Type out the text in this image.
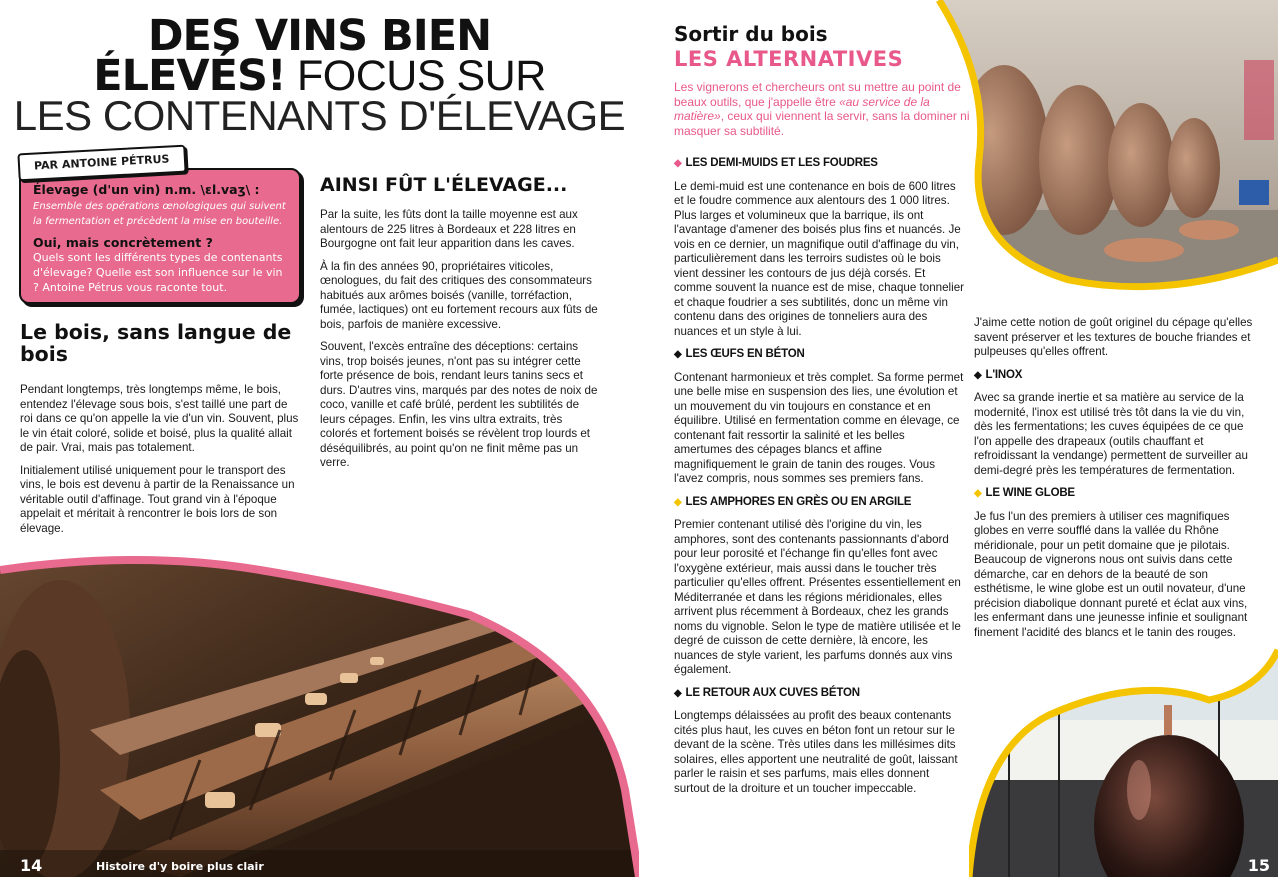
DES VINS BIEN
ÉLEVÉS! FOCUS SUR
LES CONTENANTS D'ÉLEVAGE
PAR ANTOINE PÉTRUS

Élevage (d'un vin) n.m. \ɛl.vaʒ\ :

Ensemble des opérations œnologiques qui suivent la fermentation et précèdent la mise en bouteille.

Oui, mais concrètement ?

Quels sont les différents types de contenants d'élevage? Quelle est son influence sur le vin ? Antoine Pétrus vous raconte tout.

Le bois, sans langue de bois

Pendant longtemps, très longtemps même, le bois, entendez l'élevage sous bois, s'est taillé une part de roi dans ce qu'on appelle la vie d'un vin. Souvent, plus le vin était coloré, solide et boisé, plus la qualité allait de pair. Vrai, mais pas totalement.

Initialement utilisé uniquement pour le transport des vins, le bois est devenu à partir de la Renaissance un véritable outil d'affinage. Tout grand vin à l'époque appelait et méritait à rencontrer le bois lors de son élevage.

AINSI FÛT L'ÉLEVAGE...

Par la suite, les fûts dont la taille moyenne est aux alentours de 225 litres à Bordeaux et 228 litres en Bourgogne ont fait leur apparition dans les caves.

À la fin des années 90, propriétaires viticoles, œnologues, du fait des critiques des consommateurs habitués aux arômes boisés (vanille, torréfaction, fumée, lactiques) ont eu fortement recours aux fûts de bois, parfois de manière excessive.

Souvent, l'excès entraîne des déceptions: certains vins, trop boisés jeunes, n'ont pas su intégrer cette forte présence de bois, rendant leurs tanins secs et durs. D'autres vins, marqués par des notes de noix de coco, vanille et café brûlé, perdent les subtilités de leurs cépages. Enfin, les vins ultra extraits, très colorés et fortement boisés se révèlent trop lourds et déséquilibrés, au point qu'on ne finit même pas un verre.

14	Histoire d'y boire plus clair
Sortir du bois
LES ALTERNATIVES
Les vignerons et chercheurs ont su mettre au point de beaux outils, que j'appelle être «au service de la matière», ceux qui viennent la servir, sans la dominer ni masquer sa subtilité.

◆ LES DEMI-MUIDS ET LES FOUDRES

Le demi-muid est une contenance en bois de 600 litres et le foudre commence aux alentours des 1 000 litres. Plus larges et volumineux que la barrique, ils ont l'avantage d'amener des boisés plus fins et nuancés. Je vois en ce dernier, un magnifique outil d'affinage du vin, particulièrement dans les terroirs sudistes où le bois vient dessiner les contours de jus déjà corsés. Et comme souvent la nuance est de mise, chaque tonnelier et chaque foudrier a ses subtilités, donc un même vin contenu dans des origines de tonneliers aura des nuances et un style à lui.

◆ LES ŒUFS EN BÉTON

Contenant harmonieux et très complet. Sa forme permet une belle mise en suspension des lies, une évolution et un mouvement du vin toujours en constance et en équilibre. Utilisé en fermentation comme en élevage, ce contenant fait ressortir la salinité et les belles amertumes des cépages blancs et affine magnifiquement le grain de tanin des rouges. Vous l'avez compris, nous sommes ses premiers fans.

◆ LES AMPHORES EN GRÈS OU EN ARGILE

Premier contenant utilisé dès l'origine du vin, les amphores, sont des contenants passionnants d'abord pour leur porosité et l'échange fin qu'elles font avec l'oxygène extérieur, mais aussi dans le toucher très particulier qu'elles offrent. Présentes essentiellement en Méditerranée et dans les régions méridionales, elles arrivent plus récemment à Bordeaux, chez les grands noms du vignoble. Selon le type de matière utilisée et le degré de cuisson de cette dernière, là encore, les nuances de style varient, les parfums donnés aux vins également.

◆ LE RETOUR AUX CUVES BÉTON

Longtemps délaissées au profit des beaux contenants cités plus haut, les cuves en béton font un retour sur le devant de la scène. Très utiles dans les millésimes dits solaires, elles apportent une neutralité de goût, laissant parler le raisin et ses parfums, mais elles donnent surtout de la droiture et un toucher impeccable.

J'aime cette notion de goût originel du cépage qu'elles savent préserver et les textures de bouche friandes et pulpeuses qu'elles offrent.

◆ L'INOX

Avec sa grande inertie et sa matière au service de la modernité, l'inox est utilisé très tôt dans la vie du vin, dès les fermentations; les cuves équipées de ce que l'on appelle des drapeaux (outils chauffant et refroidissant la vendange) permettent de surveiller au demi-degré près les températures de fermentation.

◆ LE WINE GLOBE

Je fus l'un des premiers à utiliser ces magnifiques globes en verre soufflé dans la vallée du Rhône méridionale, pour un petit domaine que je pilotais. Beaucoup de vignerons nous ont suivis dans cette démarche, car en dehors de la beauté de son esthétisme, le wine globe est un outil novateur, d'une précision diabolique donnant pureté et éclat aux vins, les enfermant dans une jeunesse infinie et soulignant finement l'acidité des blancs et le tanin des rouges.

15
